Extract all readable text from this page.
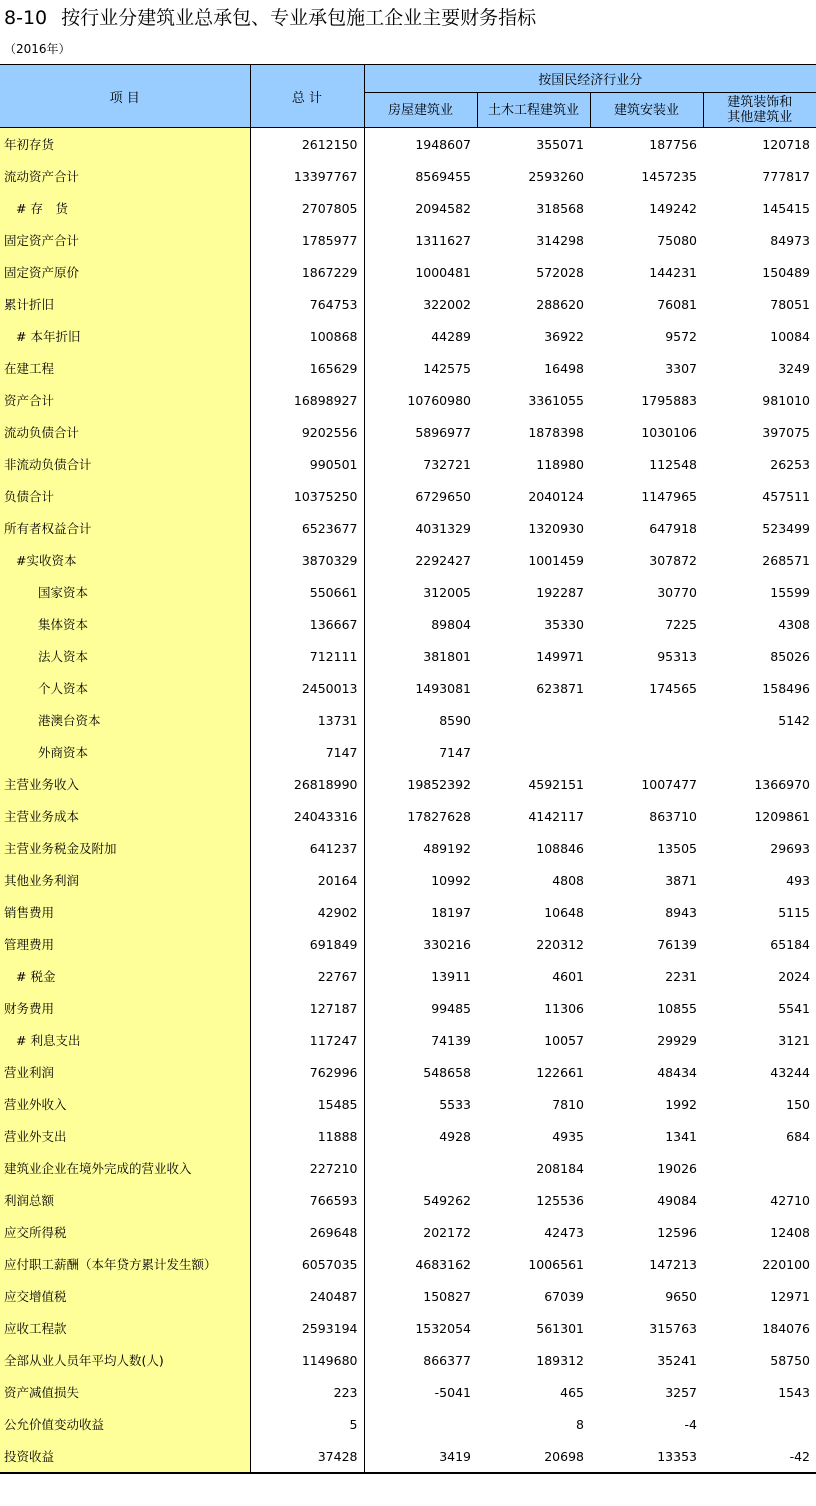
8-10 按行业分建筑业总承包、专业承包施工企业主要财务指标
（2016年）
项 目	总 计	按国民经济行业分			
		房屋建筑业	土木工程建筑业	建筑安装业	建筑装饰和
其他建筑业
年初存货	2612150	1948607	355071	187756	120718
流动资产合计	13397767	8569455	2593260	1457235	777817
# 存　货	2707805	2094582	318568	149242	145415
固定资产合计	1785977	1311627	314298	75080	84973
固定资产原价	1867229	1000481	572028	144231	150489
累计折旧	764753	322002	288620	76081	78051
# 本年折旧	100868	44289	36922	9572	10084
在建工程	165629	142575	16498	3307	3249
资产合计	16898927	10760980	3361055	1795883	981010
流动负债合计	9202556	5896977	1878398	1030106	397075
非流动负债合计	990501	732721	118980	112548	26253
负债合计	10375250	6729650	2040124	1147965	457511
所有者权益合计	6523677	4031329	1320930	647918	523499
#实收资本	3870329	2292427	1001459	307872	268571
国家资本	550661	312005	192287	30770	15599
集体资本	136667	89804	35330	7225	4308
法人资本	712111	381801	149971	95313	85026
个人资本	2450013	1493081	623871	174565	158496
港澳台资本	13731	8590			5142
外商资本	7147	7147			
主营业务收入	26818990	19852392	4592151	1007477	1366970
主营业务成本	24043316	17827628	4142117	863710	1209861
主营业务税金及附加	641237	489192	108846	13505	29693
其他业务利润	20164	10992	4808	3871	493
销售费用	42902	18197	10648	8943	5115
管理费用	691849	330216	220312	76139	65184
# 税金	22767	13911	4601	2231	2024
财务费用	127187	99485	11306	10855	5541
# 利息支出	117247	74139	10057	29929	3121
营业利润	762996	548658	122661	48434	43244
营业外收入	15485	5533	7810	1992	150
营业外支出	11888	4928	4935	1341	684
建筑业企业在境外完成的营业收入	227210		208184	19026	
利润总额	766593	549262	125536	49084	42710
应交所得税	269648	202172	42473	12596	12408
应付职工薪酬（本年贷方累计发生额）	6057035	4683162	1006561	147213	220100
应交增值税	240487	150827	67039	9650	12971
应收工程款	2593194	1532054	561301	315763	184076
全部从业人员年平均人数(人)	1149680	866377	189312	35241	58750
资产减值损失	223	-5041	465	3257	1543
公允价值变动收益	5		8	-4	
投资收益	37428	3419	20698	13353	-42
